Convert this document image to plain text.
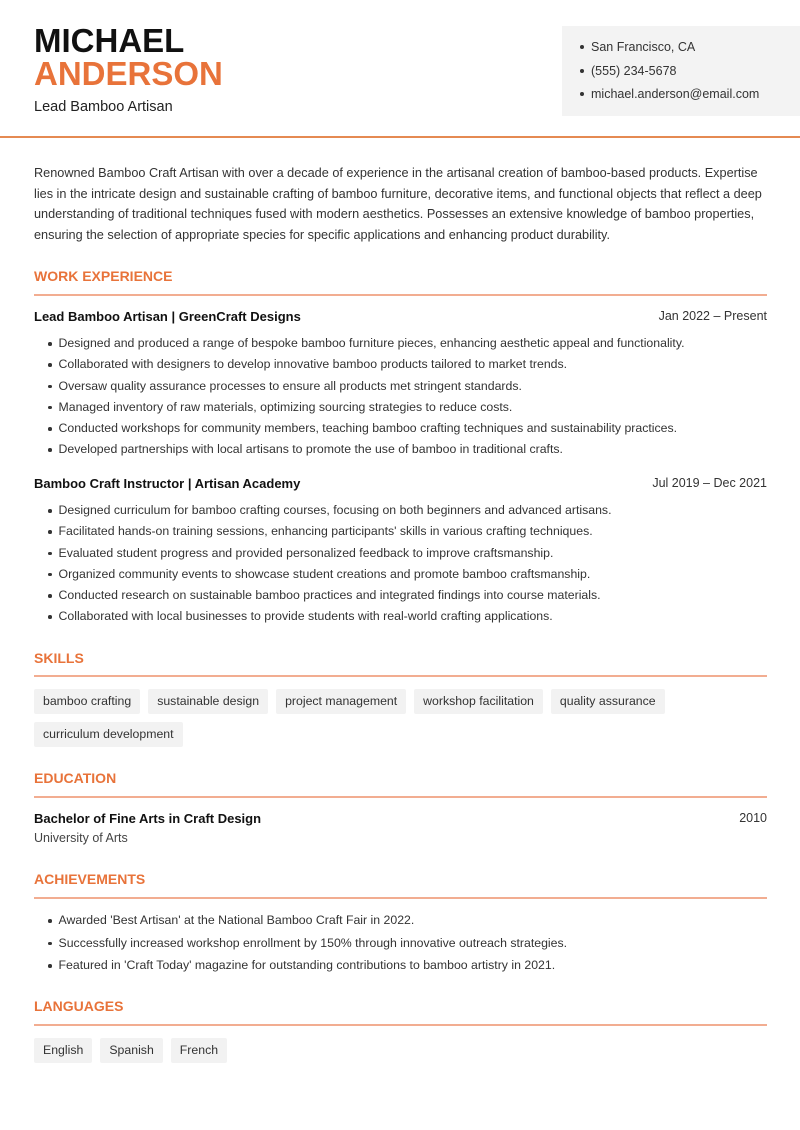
MICHAEL
ANDERSON
Lead Bamboo Artisan
San Francisco, CA
(555) 234-5678
michael.anderson@email.com

Renowned Bamboo Craft Artisan with over a decade of experience in the artisanal creation of bamboo-based products. Expertise lies in the intricate design and sustainable crafting of bamboo furniture, decorative items, and functional objects that reflect a deep understanding of traditional techniques fused with modern aesthetics. Possesses an extensive knowledge of bamboo properties, ensuring the selection of appropriate species for specific applications and enhancing product durability.

WORK EXPERIENCE
Lead Bamboo Artisan | GreenCraft Designs	Jan 2022 – Present
Designed and produced a range of bespoke bamboo furniture pieces, enhancing aesthetic appeal and functionality.
Collaborated with designers to develop innovative bamboo products tailored to market trends.
Oversaw quality assurance processes to ensure all products met stringent standards.
Managed inventory of raw materials, optimizing sourcing strategies to reduce costs.
Conducted workshops for community members, teaching bamboo crafting techniques and sustainability practices.
Developed partnerships with local artisans to promote the use of bamboo in traditional crafts.
Bamboo Craft Instructor | Artisan Academy	Jul 2019 – Dec 2021
Designed curriculum for bamboo crafting courses, focusing on both beginners and advanced artisans.
Facilitated hands-on training sessions, enhancing participants' skills in various crafting techniques.
Evaluated student progress and provided personalized feedback to improve craftsmanship.
Organized community events to showcase student creations and promote bamboo craftsmanship.
Conducted research on sustainable bamboo practices and integrated findings into course materials.
Collaborated with local businesses to provide students with real-world crafting applications.
SKILLS
bamboo crafting	sustainable design	project management	workshop facilitation	quality assurance
curriculum development
EDUCATION
Bachelor of Fine Arts in Craft Design	2010
University of Arts
ACHIEVEMENTS
Awarded 'Best Artisan' at the National Bamboo Craft Fair in 2022.
Successfully increased workshop enrollment by 150% through innovative outreach strategies.
Featured in 'Craft Today' magazine for outstanding contributions to bamboo artistry in 2021.
LANGUAGES
English	Spanish	French
